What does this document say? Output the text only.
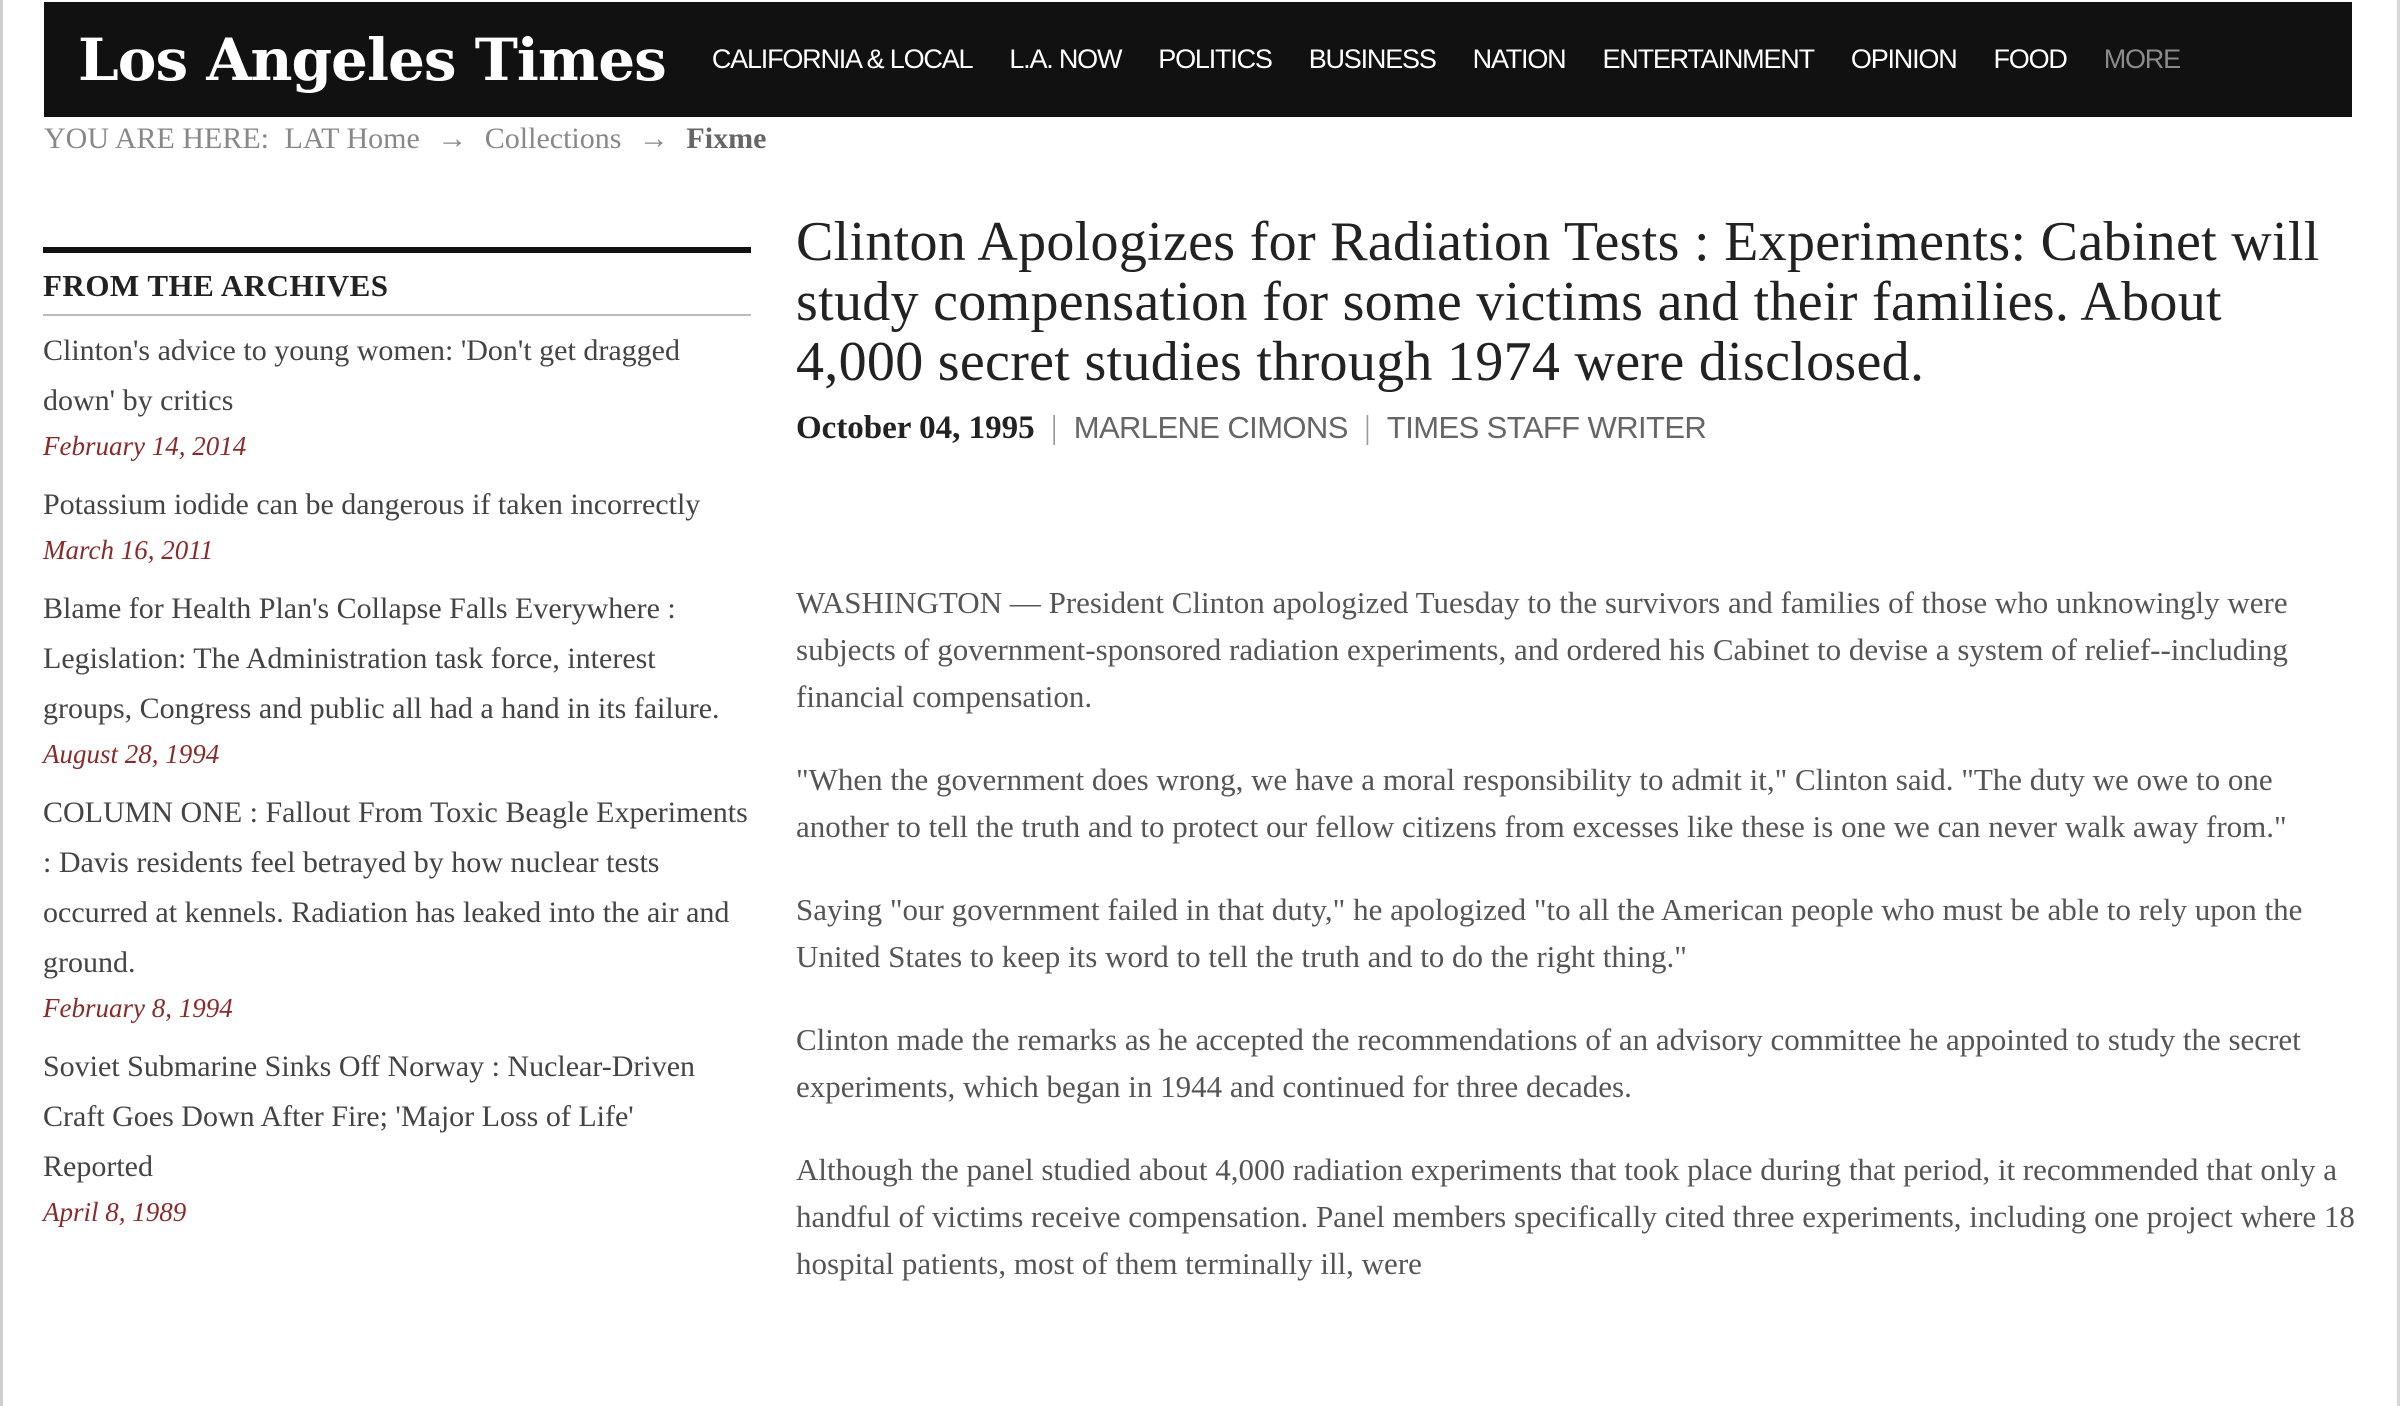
Los Angeles Times CALIFORNIA & LOCAL L.A. NOW POLITICS BUSINESS NATION ENTERTAINMENT OPINION FOOD MORE
YOU ARE HERE: LAT Home → Collections → Fixme
FROM THE ARCHIVES
Clinton's advice to young women: 'Don't get dragged down' by critics
February 14, 2014
Potassium iodide can be dangerous if taken incorrectly
March 16, 2011
Blame for Health Plan's Collapse Falls Everywhere : Legislation: The Administration task force, interest groups, Congress and public all had a hand in its failure.
August 28, 1994
COLUMN ONE : Fallout From Toxic Beagle Experiments : Davis residents feel betrayed by how nuclear tests occurred at kennels. Radiation has leaked into the air and ground.
February 8, 1994
Soviet Submarine Sinks Off Norway : Nuclear-Driven Craft Goes Down After Fire; 'Major Loss of Life' Reported
April 8, 1989
Clinton Apologizes for Radiation Tests : Experiments: Cabinet will study compensation for some victims and their families. About 4,000 secret studies through 1974 were disclosed.
October 04, 1995 | MARLENE CIMONS | TIMES STAFF WRITER

WASHINGTON — President Clinton apologized Tuesday to the survivors and families of those who unknowingly were subjects of government-sponsored radiation experiments, and ordered his Cabinet to devise a system of relief--including financial compensation.

"When the government does wrong, we have a moral responsibility to admit it," Clinton said. "The duty we owe to one another to tell the truth and to protect our fellow citizens from excesses like these is one we can never walk away from."

Saying "our government failed in that duty," he apologized "to all the American people who must be able to rely upon the United States to keep its word to tell the truth and to do the right thing."

Clinton made the remarks as he accepted the recommendations of an advisory committee he appointed to study the secret experiments, which began in 1944 and continued for three decades.

Although the panel studied about 4,000 radiation experiments that took place during that period, it recommended that only a handful of victims receive compensation. Panel members specifically cited three experiments, including one project where 18 hospital patients, most of them terminally ill, were
